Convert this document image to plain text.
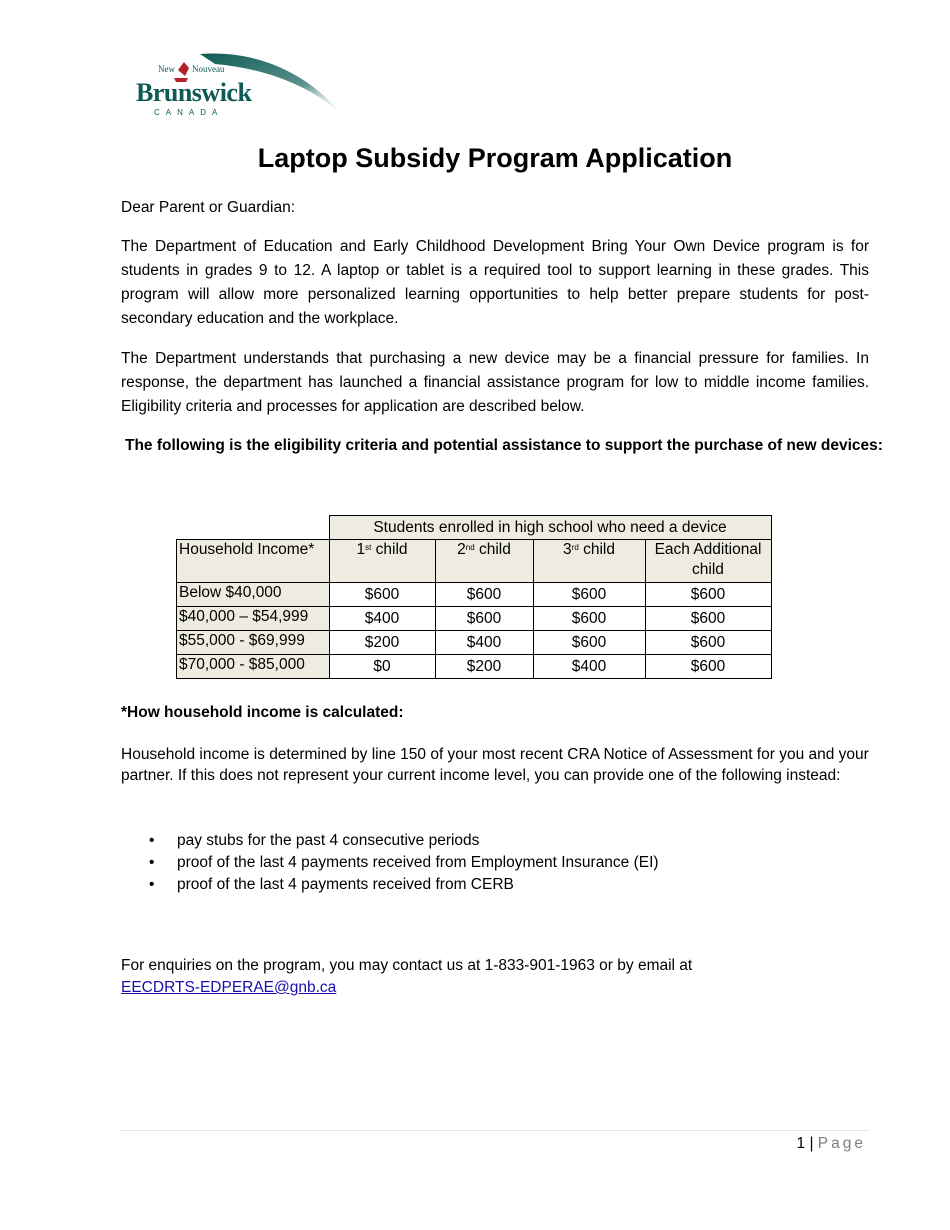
New Nouveau
Brunswick
CANADA
Laptop Subsidy Program Application

Dear Parent or Guardian:

The Department of Education and Early Childhood Development Bring Your Own Device program is for students in grades 9 to 12. A laptop or tablet is a required tool to support learning in these grades. This program will allow more personalized learning opportunities to help better prepare students for post-secondary education and the workplace.

The Department understands that purchasing a new device may be a financial pressure for families. In response, the department has launched a financial assistance program for low to middle income families. Eligibility criteria and processes for application are described below.

The following is the eligibility criteria and potential assistance to support the purchase of new devices:

	Students enrolled in high school who need a device			
Household Income*	1st child	2nd child	3rd child	Each Additional child
Below $40,000	$600	$600	$600	$600
$40,000 – $54,999	$400	$600	$600	$600
$55,000 - $69,999	$200	$400	$600	$600
$70,000 - $85,000	$0	$200	$400	$600

*How household income is calculated:

Household income is determined by line 150 of your most recent CRA Notice of Assessment for you and your partner. If this does not represent your current income level, you can provide one of the following instead:

• pay stubs for the past 4 consecutive periods
• proof of the last 4 payments received from Employment Insurance (EI)
• proof of the last 4 payments received from CERB

For enquiries on the program, you may contact us at 1-833-901-1963 or by email at
EECDRTS-EDPERAE@gnb.ca

1 | Page
